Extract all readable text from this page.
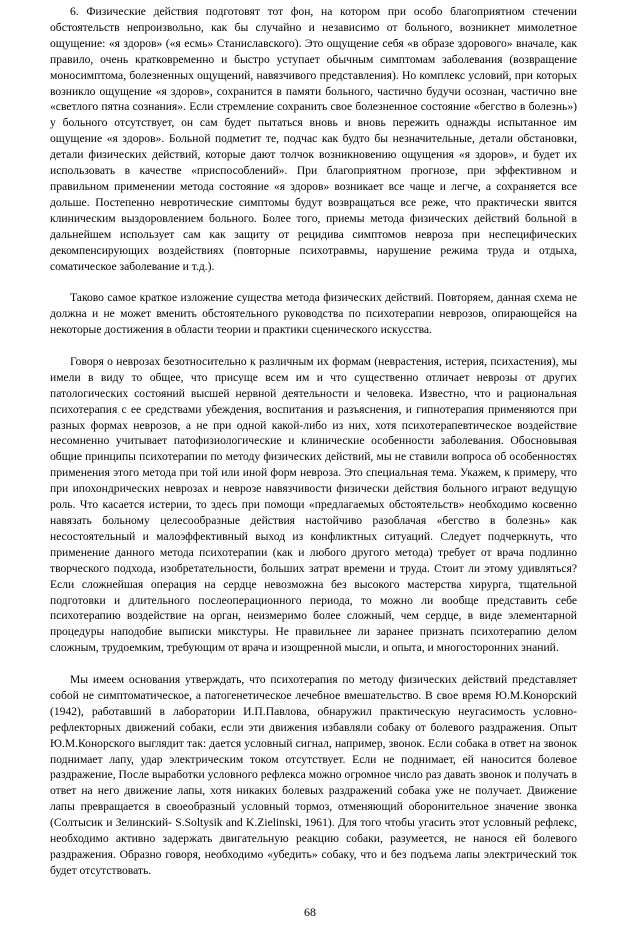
6. Физические действия подготовят тот фон, на котором при особо благоприятном стечении обстоятельств непроизвольно, как бы случайно и независимо от больного, возникнет мимолетное ощущение: «я здоров» («я есмь» Станиславского). Это ощущение себя «в образе здорового» вначале, как правило, очень кратковременно и быстро уступает обычным симптомам заболевания (возвращение моносимптома, болезненных ощущений, навязчивого представления). Но комплекс условий, при которых возникло ощущение «я здоров», сохранится в памяти больного, частично будучи осознан, частично вне «светлого пятна сознания». Если стремление сохранить свое болезненное состояние «бегство в болезнь») у больного отсутствует, он сам будет пытаться вновь и вновь пережить однажды испытанное им ощущение «я здоров». Больной подметит те, подчас как будто бы незначительные, детали обстановки, детали физических действий, которые дают толчок возникновению ощущения «я здоров», и будет их использовать в качестве «приспособлений». При благоприятном прогнозе, при эффективном и правильном применении метода состояние «я здоров» возникает все чаще и легче, а сохраняется все дольше. Постепенно невротические симптомы будут возвращаться все реже, что практически явится клиническим выздоровлением больного. Более того, приемы метода физических действий больной в дальнейшем использует сам как защиту от рецидива симптомов невроза при неспецифических декомпенсирующих воздействиях (повторные психотравмы, нарушение режима труда и отдыха, соматическое заболевание и т.д.).

Таково самое краткое изложение существа метода физических действий. Повторяем, данная схема не должна и не может вменить обстоятельного руководства по психотерапии неврозов, опирающейся на некоторые достижения в области теории и практики сценического искусства.

Говоря о неврозах безотносительно к различным их формам (неврастения, истерия, психастения), мы имели в виду то общее, что присуще всем им и что существенно отличает неврозы от других патологических состояний высшей нервной деятельности и человека. Известно, что и рациональная психотерапия с ее средствами убеждения, воспитания и разъяснения, и гипнотерапия применяются при разных формах неврозов, а не при одной какой-либо из них, хотя психотерапевтическое воздействие несомненно учитывает патофизиологические и клинические особенности заболевания. Обосновывая общие принципы психотерапии по методу физических действий, мы не ставили вопроса об особенностях применения этого метода при той или иной форм невроза. Это специальная тема. Укажем, к примеру, что при ипохондрических неврозах и неврозе навязчивости физически действия больного играют ведущую роль. Что касается истерии, то здесь при помощи «предлагаемых обстоятельств» необходимо косвенно навязать больному целесообразные действия настойчиво разоблачая «бегство в болезнь» как несостоятельный и малоэффективный выход из конфликтных ситуаций. Следует подчеркнуть, что применение данного метода психотерапии (как и любого другого метода) требует от врача подлинно творческого подхода, изобретательности, больших затрат времени и труда. Стоит ли этому удивляться? Если сложнейшая операция на сердце невозможна без высокого мастерства хирурга, тщательной подготовки и длительного послеоперационного периода, то можно ли вообще представить себе психотерапию воздействие на орган, неизмеримо более сложный, чем сердце, в виде элементарной процедуры наподобие выписки микстуры. Не правильнее ли заранее признать психотерапию делом сложным, трудоемким, требующим от врача и изощренной мысли, и опыта, и многосторонних знаний.

Мы имеем основания утверждать, что психотерапия по методу физических действий представляет собой не симптоматическое, а патогенетическое лечебное вмешательство. В свое время Ю.М.Конорский (1942), работавший в лаборатории И.П.Павлова, обнаружил практическую неугасимость условно-рефлекторных движений собаки, если эти движения избавляли собаку от болевого раздражения. Опыт Ю.М.Конорского выглядит так: дается условный сигнал, например, звонок. Если собака в ответ на звонок поднимает лапу, удар электрическим током отсутствует. Если не поднимает, ей наносится болевое раздражение, После выработки условного рефлекса можно огромное число раз давать звонок и получать в ответ на него движение лапы, хотя никаких болевых раздражений собака уже не получает. Движение лапы превращается в своеобразный условный тормоз, отменяющий оборонительное значение звонка (Солтысик и Зелинский- S.Soltysik and K.Zielinski, 1961). Для того чтобы угасить этот условный рефлекс, необходимо активно задержать двигательную реакцию собаки, разумеется, не нанося ей болевого раздражения. Образно говоря, необходимо «убедить» собаку, что и без подъема лапы электрический ток будет отсутствовать.

68
